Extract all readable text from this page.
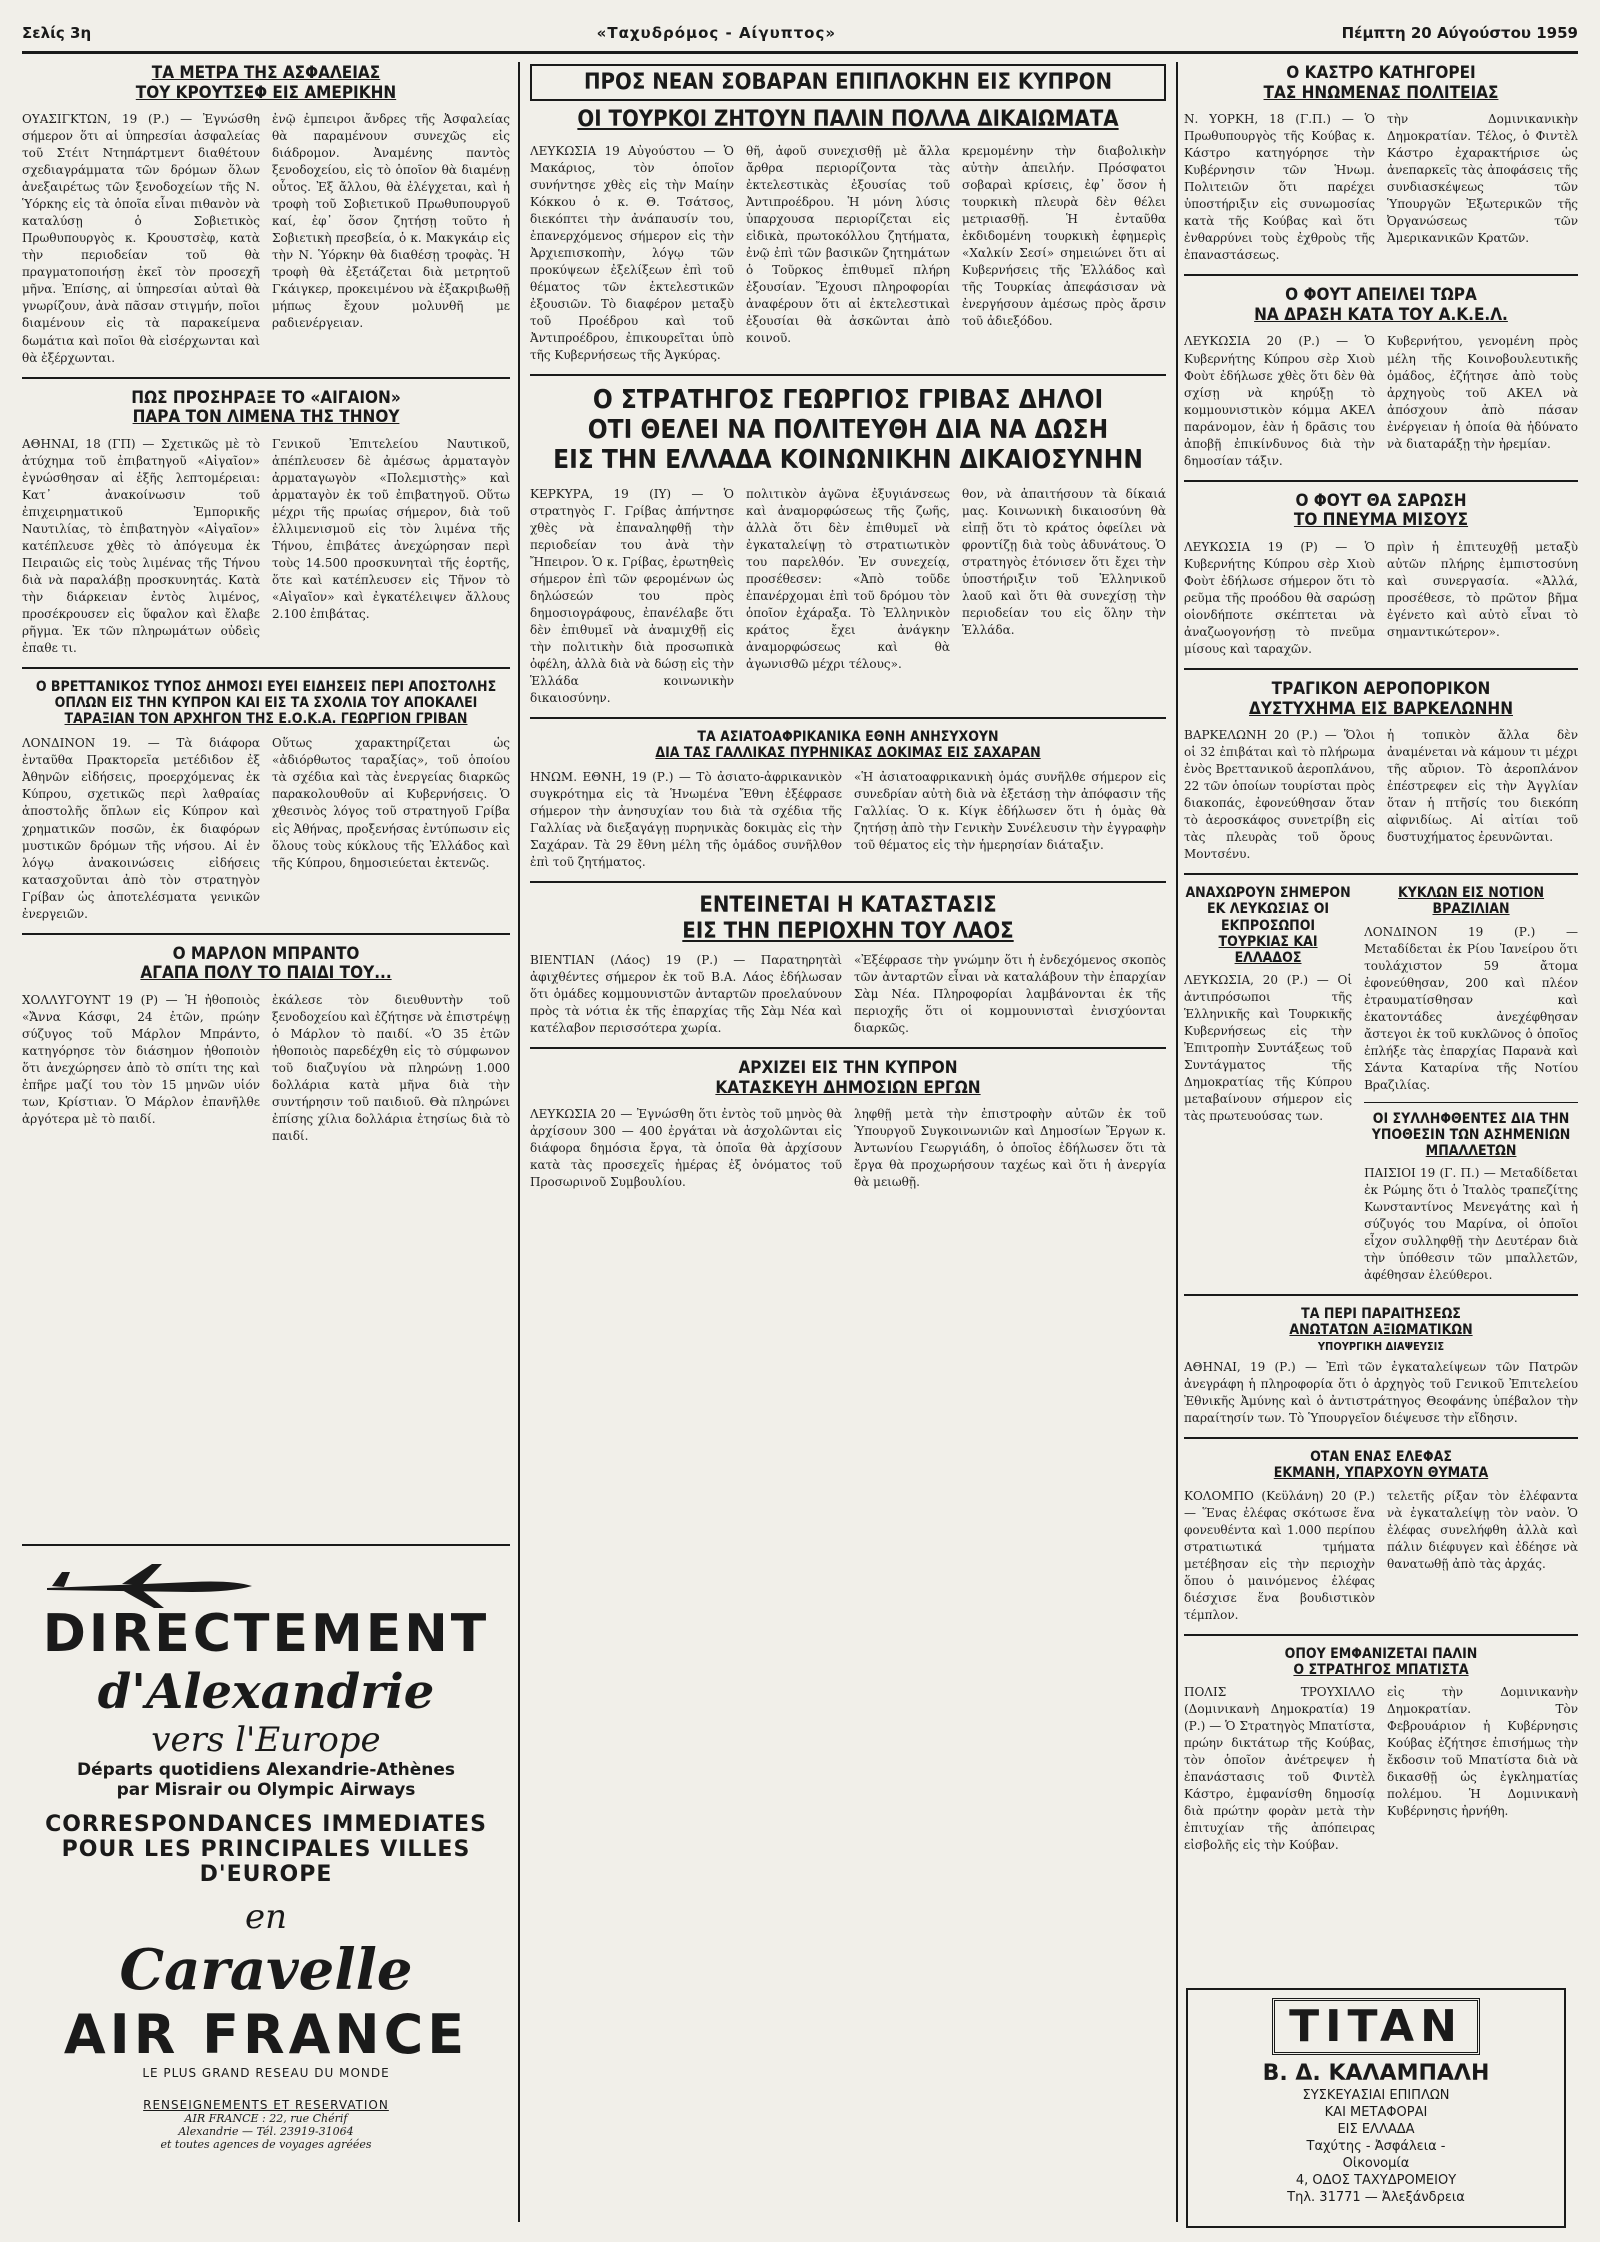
Σελίς 3η	«Ταχυδρόμος - Αίγυπτος»	Πέμπτη 20 Αύγούστου 1959
ΤΑ ΜΕΤΡΑ ΤΗΣ ΑΣΦΑΛΕΙΑΣ
ΤΟΥ ΚΡΟΥΤΣΕΦ ΕΙΣ ΑΜΕΡΙΚΗΝ
ΟΥΑΣΙΓΚΤΩΝ, 19 (Ρ.) — Ἐγνώσθη σήμερον ὅτι αἱ ὑπηρεσίαι ἀσφαλείας τοῦ Στέιτ Ντηπάρτμεντ διαθέτουν σχεδιαγράμματα τῶν δρόμων ὅλων ἀνεξαιρέτως τῶν ξενοδοχείων τῆς Ν. Ὑόρκης εἰς τὰ ὁποῖα εἶναι πιθανὸν νὰ καταλύσῃ ὁ Σοβιετικὸς Πρωθυπουργὸς κ. Κρουστσὲφ, κατὰ τὴν περιοδείαν τοῦ θὰ πραγματοποιήσῃ ἐκεῖ τὸν προσεχῆ μῆνα. Ἐπίσης, αἱ ὑπηρεσίαι αὐταὶ θὰ γνωρίζουν, ἀνὰ πᾶσαν στιγμήν, ποῖοι διαμένουν εἰς τὰ παρακείμενα δωμάτια καὶ ποῖοι θὰ εἰσέρχωνται καὶ θὰ ἐξέρχωνται.
ἐνῷ ἐμπειροι ἄνδρες τῆς Ἀσφαλείας θὰ παραμένουν συνεχῶς εἰς διάδρομον. Ἀναμένης παντὸς ξενοδοχείου, εἰς τὸ ὁποῖον θὰ διαμένῃ οὗτος. Ἐξ ἄλλου, θὰ ἐλέγχεται, καὶ ἡ τροφὴ τοῦ Σοβιετικοῦ Πρωθυπουργοῦ καί, ἐφ᾽ ὅσον ζητήσῃ τοῦτο ἡ Σοβιετικὴ πρεσβεία, ὁ κ. Μακγκάιρ εἰς τὴν Ν. Ὑόρκην θὰ διαθέσῃ τροφὰς. Ἡ τροφὴ θὰ ἐξετάζεται διὰ μετρητοῦ Γκάιγκερ, προκειμένου νὰ ἐξακριβωθῇ μήπως ἔχουν μολυνθῆ με ραδιενέργειαν.
ΠΩΣ ΠΡΟΣΗΡΑΞΕ ΤΟ «ΑΙΓΑΙΟΝ»
ΠΑΡΑ ΤΟΝ ΛΙΜΕΝΑ ΤΗΣ ΤΗΝΟΥ
ΑΘΗΝΑΙ, 18 (ΓΠ) — Σχετικῶς μὲ τὸ ἀτύχημα τοῦ ἐπιβατηγοῦ «Αἰγαῖον» ἐγνώσθησαν αἱ ἑξῆς λεπτομέρειαι: Κατ᾽ ἀνακοίνωσιν τοῦ ἐπιχειρηματικοῦ Ἐμπορικῆς Ναυτιλίας, τὸ ἐπιβατηγὸν «Αἰγαῖον» κατέπλευσε χθὲς τὸ ἀπόγευμα ἐκ Πειραιῶς εἰς τοὺς λιμένας τῆς Τήνου διὰ νὰ παραλάβῃ προσκυνητάς. Κατὰ τὴν διάρκειαν ἐντὸς λιμένος, προσέκρουσεν εἰς ὕφαλον καὶ ἔλαβε ρῆγμα. Ἐκ τῶν πληρωμάτων οὐδεὶς ἐπαθε τι.
Γενικοῦ Ἐπιτελείου Ναυτικοῦ, ἀπέπλευσεν δὲ ἀμέσως ἀρματαγὸν ἀρματαγωγὸν «Πολεμιστὴς» καὶ ἀρματαγὸν ἐκ τοῦ ἐπιβατηγοῦ. Οὕτω μέχρι τῆς πρωίας σήμερον, διὰ τοῦ ἐλλιμενισμοῦ εἰς τὸν λιμένα τῆς Τήνου, ἐπιβάτες ἀνεχώρησαν περὶ τοὺς 14.500 προσκυνηταὶ τῆς ἑορτῆς, ὅτε καὶ κατέπλευσεν εἰς Τῆνον τὸ «Αἰγαῖον» καὶ ἐγκατέλειψεν ἄλλους 2.100 ἐπιβάτας.
Ο ΒΡΕΤΤΑΝΙΚΟΣ ΤΥΠΟΣ ΔΗΜΟΣΙ ΕΥΕΙ ΕΙΔΗΣΕΙΣ ΠΕΡΙ ΑΠΟΣΤΟΛΗΣ
ΟΠΛΩΝ ΕΙΣ ΤΗΝ ΚΥΠΡΟΝ ΚΑΙ ΕΙΣ ΤΑ ΣΧΟΛΙΑ ΤΟΥ ΑΠΟΚΑΛΕΙ
ΤΑΡΑΞΙΑΝ ΤΟΝ ΑΡΧΗΓΟΝ ΤΗΣ Ε.Ο.Κ.Α. ΓΕΩΡΓΙΟΝ ΓΡΙΒΑΝ
ΛΟΝΔΙΝΟΝ 19. — Τὰ διάφορα ἐνταῦθα Πρακτορεῖα μετέδιδον ἐξ Ἀθηνῶν εἰδήσεις, προερχόμενας ἐκ Κύπρου, σχετικῶς περὶ λαθραίας ἀποστολῆς ὅπλων εἰς Κύπρον καὶ χρηματικῶν ποσῶν, ἐκ διαφόρων μυστικῶν δρόμων τῆς νήσου. Αἱ ἐν λόγῳ ἀνακοινώσεις εἰδήσεις κατασχοῦνται ἀπὸ τὸν στρατηγὸν Γρίβαν ὡς ἀποτελέσματα γενικῶν ἐνεργειῶν.
Οὕτως χαρακτηρίζεται ὡς «ἀδιόρθωτος ταραξίας», τοῦ ὁποίου τὰ σχέδια καὶ τὰς ἐνεργείας διαρκῶς παρακολουθοῦν αἱ Κυβερνήσεις. Ὁ χθεσινὸς λόγος τοῦ στρατηγοῦ Γρίβα εἰς Ἀθήνας, προξενήσας ἐντύπωσιν εἰς ὅλους τοὺς κύκλους τῆς Ἑλλάδος καὶ τῆς Κύπρου, δημοσιεύεται ἐκτενῶς.
Ο ΜΑΡΛΟΝ ΜΠΡΑΝΤΟ
ΑΓΑΠΑ ΠΟΛΥ ΤΟ ΠΑΙΔΙ ΤΟΥ...
ΧΟΛΛΥΓΟΥΝΤ 19 (Ρ) — Ἡ ἠθοποιὸς «Ἄννα Κάσφι, 24 ἐτῶν, πρώην σύζυγος τοῦ Μάρλον Μπράντο, κατηγόρησε τὸν διάσημον ἠθοποιὸν ὅτι ἀνεχώρησεν ἀπὸ τὸ σπίτι της καὶ ἐπῆρε μαζί του τὸν 15 μηνῶν υἱόν των, Κρίστιαν. Ὁ Μάρλον ἐπανῆλθε ἀργότερα μὲ τὸ παιδί.
ἐκάλεσε τὸν διευθυντὴν τοῦ ξενοδοχείου καὶ ἐζήτησε νὰ ἐπιστρέψῃ ὁ Μάρλον τὸ παιδί. «Ὁ 35 ἐτῶν ἠθοποιὸς παρεδέχθη εἰς τὸ σύμφωνον τοῦ διαζυγίου νὰ πληρώνῃ 1.000 δολλάρια κατὰ μῆνα διὰ τὴν συντήρησιν τοῦ παιδιοῦ. Θὰ πληρώνει ἐπίσης χίλια δολλάρια ἐτησίως διὰ τὸ παιδί.
DIRECTEMENT
d'Alexandrie
vers l'Europe
Départs quotidiens Alexandrie-Athènes
par Misrair ou Olympic Airways
CORRESPONDANCES IMMEDIATES
POUR LES PRINCIPALES VILLES
D'EUROPE
en
Caravelle
AIR FRANCE
LE PLUS GRAND RESEAU DU MONDE
RENSEIGNEMENTS ET RESERVATION
AIR FRANCE : 22, rue Chérif
Alexandrie — Tél. 23919-31064
et toutes agences de voyages agréées
ΠΡΟΣ ΝΕΑΝ ΣΟΒΑΡΑΝ ΕΠΙΠΛΟΚΗΝ ΕΙΣ ΚΥΠΡΟΝ
ΟΙ ΤΟΥΡΚΟΙ ΖΗΤΟΥΝ ΠΑΛΙΝ ΠΟΛΛΑ ΔΙΚΑΙΩΜΑΤΑ
ΛΕΥΚΩΣΙΑ 19 Αὐγούστου — Ὁ Μακάριος, τὸν ὁποῖον συνήντησε χθὲς εἰς τὴν Μαίην Κόκκου ὁ κ. Θ. Τσάτσος, διεκόπτει τὴν ἀνάπαυσίν του, ἐπανερχόμενος σήμερον εἰς τὴν Ἀρχιεπισκοπὴν, λόγῳ τῶν προκύψεων ἐξελίξεων ἐπὶ τοῦ θέματος τῶν ἐκτελεστικῶν ἐξουσιῶν. Τὸ διαφέρον μεταξὺ τοῦ Προέδρου καὶ τοῦ Ἀντιπροέδρου, ἐπικουρεῖται ὑπὸ τῆς Κυβερνήσεως τῆς Ἀγκύρας.
θῆ, ἀφοῦ συνεχισθῇ μὲ ἄλλα ἄρθρα περιορίζοντα τὰς ἐκτελεστικὰς ἐξουσίας τοῦ Ἀντιπροέδρου. Ἡ μόνη λύσις ὑπαρχουσα περιορίζεται εἰς εἰδικὰ, πρωτοκόλλου ζητήματα, ἐνῷ ἐπὶ τῶν βασικῶν ζητημάτων ὁ Τοῦρκος ἐπιθυμεῖ πλήρη ἐξουσίαν. Ἔχουσι πληροφορίαι ἀναφέρουν ὅτι αἱ ἐκτελεστικαὶ ἐξουσίαι θὰ ἀσκῶνται ἀπὸ κοινοῦ.
κρεμομένην τὴν διαβολικὴν αὐτὴν ἀπειλήν. Πρόσφατοι σοβαραὶ κρίσεις, ἐφ᾽ ὅσον ἡ τουρκικὴ πλευρὰ δὲν θέλει μετριασθῇ. Ἡ ἐνταῦθα ἐκδιδομένη τουρκικὴ ἐφημερὶς «Χαλκίν Σεσί» σημειώνει ὅτι αἱ Κυβερνήσεις τῆς Ἑλλάδος καὶ τῆς Τουρκίας ἀπεφάσισαν νὰ ἐνεργήσουν ἀμέσως πρὸς ἄρσιν τοῦ ἀδιεξόδου.
Ο ΣΤΡΑΤΗΓΟΣ ΓΕΩΡΓΙΟΣ ΓΡΙΒΑΣ ΔΗΛΟΙ
ΟΤΙ ΘΕΛΕΙ ΝΑ ΠΟΛΙΤΕΥΘΗ ΔΙΑ ΝΑ ΔΩΣΗ
ΕΙΣ ΤΗΝ ΕΛΛΑΔΑ ΚΟΙΝΩΝΙΚΗΝ ΔΙΚΑΙΟΣΥΝΗΝ
ΚΕΡΚΥΡΑ, 19 (ΙΥ) — Ὁ στρατηγὸς Γ. Γρίβας ἀπήντησε χθὲς νὰ ἐπαναληφθῇ τὴν περιοδείαν του ἀνὰ τὴν Ἤπειρον. Ὁ κ. Γρίβας, ἐρωτηθεὶς σήμερον ἐπὶ τῶν φερομένων ὡς δηλώσεών του πρὸς δημοσιογράφους, ἐπανέλαβε ὅτι δὲν ἐπιθυμεῖ νὰ ἀναμιχθῇ εἰς τὴν πολιτικὴν διὰ προσωπικὰ ὀφέλη, ἀλλὰ διὰ νὰ δώσῃ εἰς τὴν Ἑλλάδα κοινωνικὴν δικαιοσύνην.
πολιτικὸν ἀγῶνα ἐξυγιάνσεως καὶ ἀναμορφώσεως τῆς ζωῆς, ἀλλὰ ὅτι δὲν ἐπιθυμεῖ νὰ ἐγκαταλείψῃ τὸ στρατιωτικὸν του παρελθόν. Ἐν συνεχείᾳ, προσέθεσεν: «Ἀπὸ τοῦδε ἐπανέρχομαι ἐπὶ τοῦ δρόμου τὸν ὁποῖον ἐχάραξα. Τὸ Ἑλληνικὸν κράτος ἔχει ἀνάγκην ἀναμορφώσεως καὶ θὰ ἀγωνισθῶ μέχρι τέλους».
θον, νὰ ἀπαιτήσουν τὰ δίκαιά μας. Κοινωνικὴ δικαιοσύνη θὰ εἰπῇ ὅτι τὸ κράτος ὀφείλει νὰ φροντίζῃ διὰ τοὺς ἀδυνάτους. Ὁ στρατηγὸς ἐτόνισεν ὅτι ἔχει τὴν ὑποστήριξιν τοῦ Ἑλληνικοῦ λαοῦ καὶ ὅτι θὰ συνεχίσῃ τὴν περιοδείαν του εἰς ὅλην τὴν Ἑλλάδα.
ΤΑ ΑΣΙΑΤΟΑΦΡΙΚΑΝΙΚΑ ΕΘΝΗ ΑΝΗΣΥΧΟΥΝ
ΔΙΑ ΤΑΣ ΓΑΛΛΙΚΑΣ ΠΥΡΗΝΙΚΑΣ ΔΟΚΙΜΑΣ ΕΙΣ ΣΑΧΑΡΑΝ
ΗΝΩΜ. ΕΘΝΗ, 19 (Ρ.) — Τὸ ἀσιατο-ἀφρικανικὸν συγκρότημα εἰς τὰ Ἡνωμένα Ἔθνη ἐξέφρασε σήμερον τὴν ἀνησυχίαν του διὰ τὰ σχέδια τῆς Γαλλίας νὰ διεξαγάγῃ πυρηνικὰς δοκιμὰς εἰς τὴν Σαχάραν. Τὰ 29 ἔθνη μέλη τῆς ὁμάδος συνῆλθον ἐπὶ τοῦ ζητήματος.
«Ἡ ἀσιατοαφρικανικὴ ὁμάς συνῆλθε σήμερον εἰς συνεδρίαν αὐτὴ διὰ νὰ ἐξετάσῃ τὴν ἀπόφασιν τῆς Γαλλίας. Ὁ κ. Κίγκ ἐδήλωσεν ὅτι ἡ ὁμὰς θὰ ζητήσῃ ἀπὸ τὴν Γενικὴν Συνέλευσιν τὴν ἐγγραφὴν τοῦ θέματος εἰς τὴν ἡμερησίαν διάταξιν.
ΕΝΤΕΙΝΕΤΑΙ Η ΚΑΤΑΣΤΑΣΙΣ
ΕΙΣ ΤΗΝ ΠΕΡΙΟΧΗΝ ΤΟΥ ΛΑΟΣ
ΒΙΕΝΤΙΑΝ (Λάος) 19 (Ρ.) — Παρατηρητὰὶ ἀφιχθέντες σήμερον ἐκ τοῦ Β.Α. Λάος ἐδήλωσαν ὅτι ὁμάδες κομμουνιστῶν ἀνταρτῶν προελαύνουν πρὸς τὰ νότια ἐκ τῆς ἐπαρχίας τῆς Σὰμ Νέα καὶ κατέλαβον περισσότερα χωρία.
«Ἐξέφρασε τὴν γνώμην ὅτι ἡ ἐνδεχόμενος σκοπὸς τῶν ἀνταρτῶν εἶναι νὰ καταλάβουν τὴν ἐπαρχίαν Σὰμ Νέα. Πληροφορίαι λαμβάνονται ἐκ τῆς περιοχῆς ὅτι οἱ κομμουνισταὶ ἐνισχύονται διαρκῶς.
ΑΡΧΙΖΕΙ ΕΙΣ ΤΗΝ ΚΥΠΡΟΝ
ΚΑΤΑΣΚΕΥΗ ΔΗΜΟΣΙΩΝ ΕΡΓΩΝ
ΛΕΥΚΩΣΙΑ 20 — Ἐγνώσθη ὅτι ἐντὸς τοῦ μηνὸς θὰ ἀρχίσουν 300 — 400 ἐργάται νὰ ἀσχολῶνται εἰς διάφορα δημόσια ἔργα, τὰ ὁποῖα θὰ ἀρχίσουν κατὰ τὰς προσεχεῖς ἡμέρας ἐξ ὀνόματος τοῦ Προσωρινοῦ Συμβουλίου.
ληφθῇ μετὰ τὴν ἐπιστροφὴν αὐτῶν ἐκ τοῦ Ὑπουργοῦ Συγκοινωνιῶν καὶ Δημοσίων Ἔργων κ. Ἀντωνίου Γεωργιάδη, ὁ ὁποῖος ἐδήλωσεν ὅτι τὰ ἔργα θὰ προχωρήσουν ταχέως καὶ ὅτι ἡ ἀνεργία θὰ μειωθῇ.
Ο ΚΑΣΤΡΟ ΚΑΤΗΓΟΡΕΙ
ΤΑΣ ΗΝΩΜΕΝΑΣ ΠΟΛΙΤΕΙΑΣ
Ν. ΥΟΡΚΗ, 18 (Γ.Π.) — Ὁ Πρωθυπουργὸς τῆς Κούβας κ. Κάστρο κατηγόρησε τὴν Κυβέρνησιν τῶν Ἡνωμ. Πολιτειῶν ὅτι παρέχει ὑποστήριξιν εἰς συνωμοσίας κατὰ τῆς Κούβας καὶ ὅτι ἐνθαρρύνει τοὺς ἐχθροὺς τῆς ἐπαναστάσεως.
τὴν Δομινικανικὴν Δημοκρατίαν. Τέλος, ὁ Φιντὲλ Κάστρο ἐχαρακτήρισε ὡς ἀνεπαρκεῖς τὰς ἀποφάσεις τῆς συνδιασκέψεως τῶν Ὑπουργῶν Ἐξωτερικῶν τῆς Ὀργανώσεως τῶν Ἀμερικανικῶν Κρατῶν.
Ο ΦΟΥΤ ΑΠΕΙΛΕΙ ΤΩΡΑ
ΝΑ ΔΡΑΣΗ ΚΑΤΑ ΤΟΥ Α.Κ.Ε.Λ.
ΛΕΥΚΩΣΙΑ 20 (Ρ.) — Ὁ Κυβερνήτης Κύπρου σὲρ Χιοὺ Φοὺτ ἐδήλωσε χθὲς ὅτι δὲν θὰ σχίσῃ νὰ κηρύξῃ τὸ κομμουνιστικὸν κόμμα ΑΚΕΛ παράνομον, ἐὰν ἡ δρᾶσις του ἀποβῇ ἐπικίνδυνος διὰ τὴν δημοσίαν τάξιν.
Κυβερνήτου, γενομένη πρὸς μέλη τῆς Κοινοβουλευτικῆς ὁμάδος, ἐζήτησε ἀπὸ τοὺς ἀρχηγοὺς τοῦ ΑΚΕΛ νὰ ἀπόσχουν ἀπὸ πάσαν ἐνέργειαν ἡ ὁποία θὰ ἠδύνατο νὰ διαταράξῃ τὴν ἠρεμίαν.
Ο ΦΟΥΤ ΘΑ ΣΑΡΩΣΗ
ΤΟ ΠΝΕΥΜΑ ΜΙΣΟΥΣ
ΛΕΥΚΩΣΙΑ 19 (Ρ) — Ὁ Κυβερνήτης Κύπρου σὲρ Χιοὺ Φοὺτ ἐδήλωσε σήμερον ὅτι τὸ ρεῦμα τῆς προόδου θὰ σαρώσῃ οἱονδήποτε σκέπτεται νὰ ἀναζωογονήσῃ τὸ πνεῦμα μίσους καὶ ταραχῶν.
πρὶν ἡ ἐπιτευχθῇ μεταξὺ αὐτῶν πλήρης ἐμπιστοσύνη καὶ συνεργασία. «Ἀλλά, προσέθεσε, τὸ πρῶτον βῆμα ἐγένετο καὶ αὐτὸ εἶναι τὸ σημαντικώτερον».
ΤΡΑΓΙΚΟΝ ΑΕΡΟΠΟΡΙΚΟΝ
ΔΥΣΤΥΧΗΜΑ ΕΙΣ ΒΑΡΚΕΛΩΝΗΝ
ΒΑΡΚΕΛΩΝΗ 20 (Ρ.) — Ὅλοι οἱ 32 ἐπιβάται καὶ τὸ πλήρωμα ἐνὸς Βρεττανικοῦ ἀεροπλάνου, 22 τῶν ὁποίων τουρίσται πρὸς διακοπάς, ἐφονεύθησαν ὅταν τὸ ἀεροσκάφος συνετρίβη εἰς τὰς πλευρὰς τοῦ ὄρους Μοντσένυ.
ἡ τοπικὸν ἄλλα δὲν ἀναμένεται νὰ κάμουν τι μέχρι τῆς αὔριον. Τὸ ἀεροπλάνον ἐπέστρεφεν εἰς τὴν Ἀγγλίαν ὅταν ἡ πτῆσίς του διεκόπη αἰφνιδίως. Αἱ αἰτίαι τοῦ δυστυχήματος ἐρευνῶνται.
ΑΝΑΧΩΡΟΥΝ ΣΗΜΕΡΟΝ
ΕΚ ΛΕΥΚΩΣΙΑΣ ΟΙ ΕΚΠΡΟΣΩΠΟΙ
ΤΟΥΡΚΙΑΣ ΚΑΙ ΕΛΛΑΔΟΣ
ΛΕΥΚΩΣΙΑ, 20 (Ρ.) — Οἱ ἀντιπρόσωποι τῆς Ἑλληνικῆς καὶ Τουρκικῆς Κυβερνήσεως εἰς τὴν Ἐπιτροπὴν Συντάξεως τοῦ Συντάγματος τῆς Δημοκρατίας τῆς Κύπρου μεταβαίνουν σήμερον εἰς τὰς πρωτευούσας των.
ΚΥΚΛΩΝ ΕΙΣ ΝΟΤΙΟΝ ΒΡΑΖΙΛΙΑΝ
ΛΟΝΔΙΝΟΝ 19 (Ρ.) — Μεταδίδεται ἐκ Ρίου Ἰανείρου ὅτι τουλάχιστον 59 ἄτομα ἐφονεύθησαν, 200 καὶ πλέον ἐτραυματίσθησαν καὶ ἑκατοντάδες ἀνεχέφθησαν ἄστεγοι ἐκ τοῦ κυκλῶνος ὁ ὁποῖος ἐπλήξε τὰς ἐπαρχίας Παρανὰ καὶ Σάντα Καταρίνα τῆς Νοτίου Βραζιλίας.
ΟΙ ΣΥΛΛΗΦΘΕΝΤΕΣ ΔΙΑ ΤΗΝ
ΥΠΟΘΕΣΙΝ ΤΩΝ ΑΣΗΜΕΝΙΩΝ
ΜΠΑΛΛΕΤΩΝ
ΠΑΙΣΙΟΙ 19 (Γ. Π.) — Μεταδίδεται ἐκ Ρώμης ὅτι ὁ Ἰταλὸς τραπεζίτης Κωνσταντίνος Μενεγάτης καὶ ἡ σύζυγός του Μαρίνα, οἱ ὁποῖοι εἶχον συλληφθῇ τὴν Δευτέραν διὰ τὴν ὑπόθεσιν τῶν μπαλλετῶν, ἀφέθησαν ἐλεύθεροι.
ΤΑ ΠΕΡΙ ΠΑΡΑΙΤΗΣΕΩΣ
ΑΝΩΤΑΤΩΝ ΑΞΙΩΜΑΤΙΚΩΝ
ΥΠΟΥΡΓΙΚΗ ΔΙΑΨΕΥΣΙΣ
ΑΘΗΝΑΙ, 19 (Ρ.) — Ἐπὶ τῶν ἐγκαταλείψεων τῶν Πατρῶν ἀνεγράφη ἡ πληροφορία ὅτι ὁ ἀρχηγὸς τοῦ Γενικοῦ Ἐπιτελείου Ἐθνικῆς Ἀμύνης καὶ ὁ ἀντιστράτηγος Θεοφάνης ὑπέβαλον τὴν παραίτησίν των. Τὸ Ὑπουργεῖον διέψευσε τὴν εἴδησιν.
ΟΤΑΝ ΕΝΑΣ ΕΛΕΦΑΣ
ΕΚΜΑΝΗ, ΥΠΑΡΧΟΥΝ ΘΥΜΑΤΑ
ΚΟΛΟΜΠΟ (Κεϋλάνη) 20 (Ρ.) — Ἕνας ἐλέφας σκότωσε ἕνα φονευθέντα καὶ 1.000 περίπου στρατιωτικά τμήματα μετέβησαν εἰς τὴν περιοχὴν ὅπου ὁ μαινόμενος ἐλέφας διέσχισε ἕνα βουδιστικὸν τέμπλον.
τελετῆς ρίξαν τὸν ἐλέφαντα νὰ ἐγκαταλείψῃ τὸν ναὸν. Ὁ ἐλέφας συνελήφθη ἀλλὰ καὶ πάλιν διέφυγεν καὶ ἐδέησε νὰ θανατωθῇ ἀπὸ τὰς ἀρχάς.
ΟΠΟΥ ΕΜΦΑΝΙΖΕΤΑΙ ΠΑΛΙΝ
Ο ΣΤΡΑΤΗΓΟΣ ΜΠΑΤΙΣΤΑ
ΠΟΛΙΣ ΤΡΟΥΧΙΛΛΟ (Δομινικανὴ Δημοκρατία) 19 (Ρ.) — Ὁ Στρατηγὸς Μπατίστα, πρώην δικτάτωρ τῆς Κούβας, τὸν ὁποῖον ἀνέτρεψεν ἡ ἐπανάστασις τοῦ Φιντὲλ Κάστρο, ἐμφανίσθη δημοσίᾳ διὰ πρώτην φορὰν μετὰ τὴν ἐπιτυχίαν τῆς ἀπόπειρας εἰσβολῆς εἰς τὴν Κούβαν.
εἰς τὴν Δομινικανὴν Δημοκρατίαν. Τὸν Φεβρουάριον ἡ Κυβέρνησις Κούβας ἐζήτησε ἐπισήμως τὴν ἔκδοσιν τοῦ Μπατίστα διὰ νὰ δικασθῇ ὡς ἐγκληματίας πολέμου. Ἡ Δομινικανὴ Κυβέρνησις ἠρνήθη.
TITAN
Β. Δ. ΚΑΛΑΜΠΑΛΗ
ΣΥΣΚΕΥΑΣΙΑΙ ΕΠΙΠΛΩΝ
ΚΑΙ ΜΕΤΑΦΟΡΑΙ
ΕΙΣ ΕΛΛΑΔΑ
Ταχύτης - Ἀσφάλεια -
Οἰκονομία
4, ΟΔΟΣ ΤΑΧΥΔΡΟΜΕΙΟΥ
Τηλ. 31771 — Ἀλεξάνδρεια
